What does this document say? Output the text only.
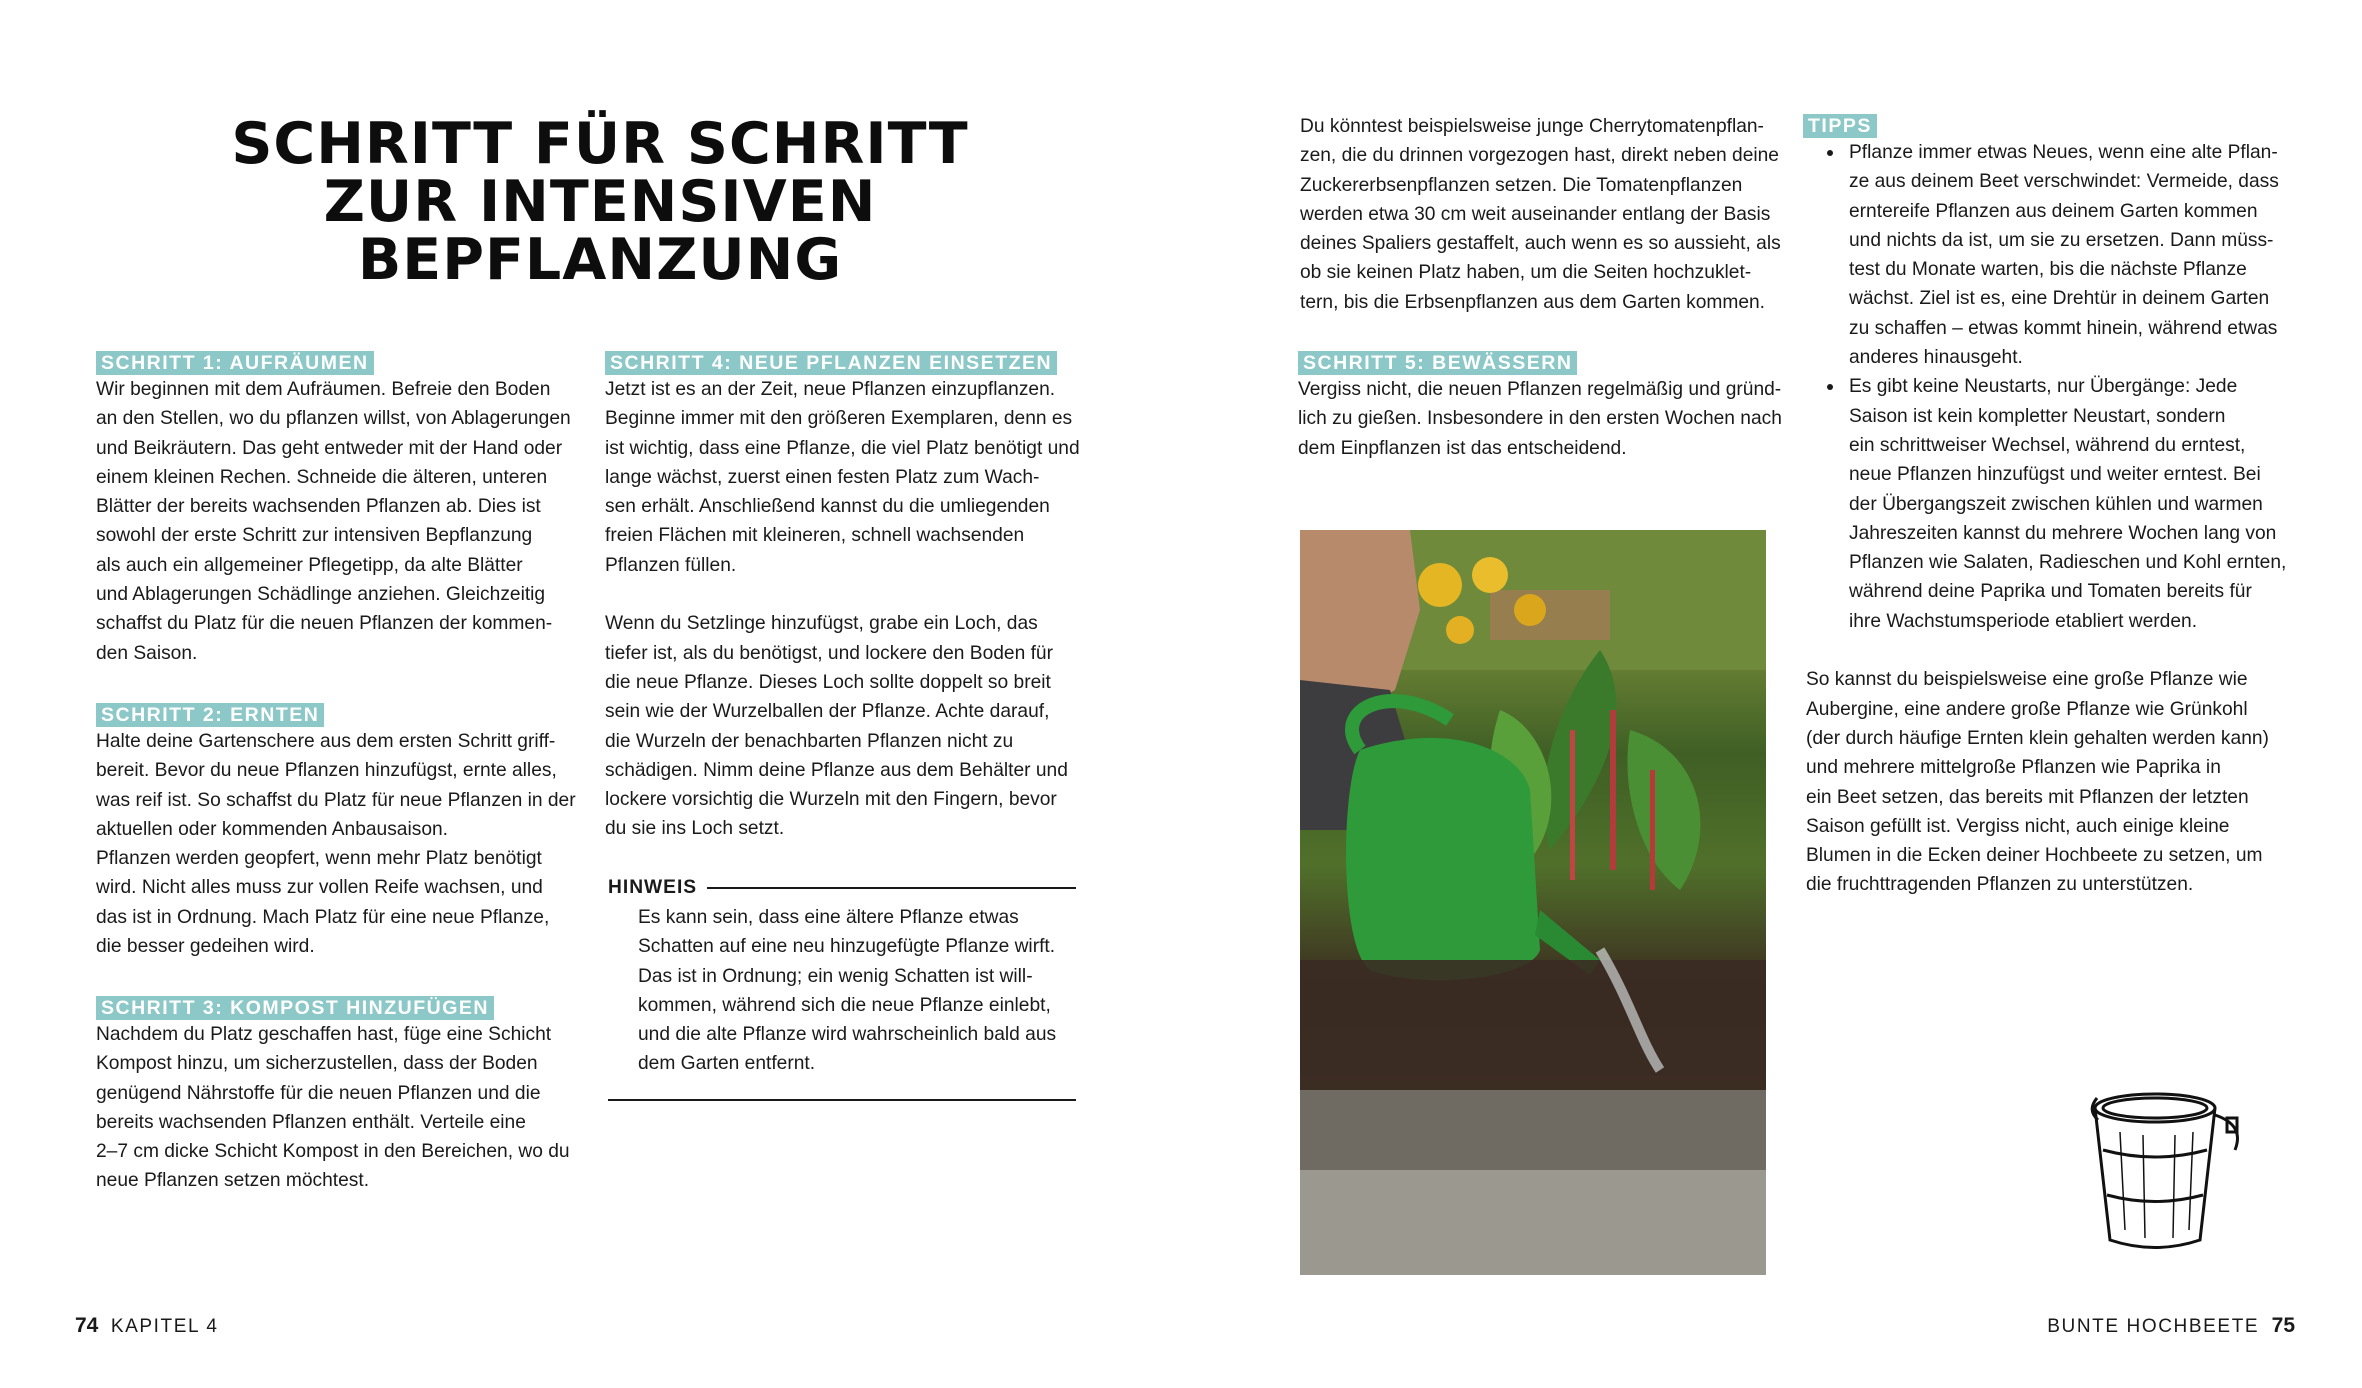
SCHRITT FÜR SCHRITT
ZUR INTENSIVEN
BEPFLANZUNG
SCHRITT 1: AUFRÄUMEN
Wir beginnen mit dem Aufräumen. Befreie den Boden
an den Stellen, wo du pflanzen willst, von Ablagerungen
und Beikräutern. Das geht entweder mit der Hand oder
einem kleinen Rechen. Schneide die älteren, unteren
Blätter der bereits wachsenden Pflanzen ab. Dies ist
sowohl der erste Schritt zur intensiven Bepflanzung
als auch ein allgemeiner Pflegetipp, da alte Blätter
und Ablagerungen Schädlinge anziehen. Gleichzeitig
schaffst du Platz für die neuen Pflanzen der kommen-
den Saison.
SCHRITT 2: ERNTEN
Halte deine Gartenschere aus dem ersten Schritt griff-
bereit. Bevor du neue Pflanzen hinzufügst, ernte alles,
was reif ist. So schaffst du Platz für neue Pflanzen in der
aktuellen oder kommenden Anbausaison.
Pflanzen werden geopfert, wenn mehr Platz benötigt
wird. Nicht alles muss zur vollen Reife wachsen, und
das ist in Ordnung. Mach Platz für eine neue Pflanze,
die besser gedeihen wird.
SCHRITT 3: KOMPOST HINZUFÜGEN
Nachdem du Platz geschaffen hast, füge eine Schicht
Kompost hinzu, um sicherzustellen, dass der Boden
genügend Nährstoffe für die neuen Pflanzen und die
bereits wachsenden Pflanzen enthält. Verteile eine
2–7 cm dicke Schicht Kompost in den Bereichen, wo du
neue Pflanzen setzen möchtest.
SCHRITT 4: NEUE PFLANZEN EINSETZEN
Jetzt ist es an der Zeit, neue Pflanzen einzupflanzen.
Beginne immer mit den größeren Exemplaren, denn es
ist wichtig, dass eine Pflanze, die viel Platz benötigt und
lange wächst, zuerst einen festen Platz zum Wach-
sen erhält. Anschließend kannst du die umliegenden
freien Flächen mit kleineren, schnell wachsenden
Pflanzen füllen.
Wenn du Setzlinge hinzufügst, grabe ein Loch, das
tiefer ist, als du benötigst, und lockere den Boden für
die neue Pflanze. Dieses Loch sollte doppelt so breit
sein wie der Wurzelballen der Pflanze. Achte darauf,
die Wurzeln der benachbarten Pflanzen nicht zu
schädigen. Nimm deine Pflanze aus dem Behälter und
lockere vorsichtig die Wurzeln mit den Fingern, bevor
du sie ins Loch setzt.
HINWEIS
Es kann sein, dass eine ältere Pflanze etwas
Schatten auf eine neu hinzugefügte Pflanze wirft.
Das ist in Ordnung; ein wenig Schatten ist will-
kommen, während sich die neue Pflanze einlebt,
und die alte Pflanze wird wahrscheinlich bald aus
dem Garten entfernt.
Du könntest beispielsweise junge Cherrytomatenpflan-
zen, die du drinnen vorgezogen hast, direkt neben deine
Zuckererbsenpflanzen setzen. Die Tomatenpflanzen
werden etwa 30 cm weit auseinander entlang der Basis
deines Spaliers gestaffelt, auch wenn es so aussieht, als
ob sie keinen Platz haben, um die Seiten hochzuklet-
tern, bis die Erbsenpflanzen aus dem Garten kommen.
SCHRITT 5: BEWÄSSERN
Vergiss nicht, die neuen Pflanzen regelmäßig und gründ-
lich zu gießen. Insbesondere in den ersten Wochen nach
dem Einpflanzen ist das entscheidend.
TIPPS
Pflanze immer etwas Neues, wenn eine alte Pflan-
ze aus deinem Beet verschwindet: Vermeide, dass
erntereife Pflanzen aus deinem Garten kommen
und nichts da ist, um sie zu ersetzen. Dann müss-
test du Monate warten, bis die nächste Pflanze
wächst. Ziel ist es, eine Drehtür in deinem Garten
zu schaffen – etwas kommt hinein, während etwas
anderes hinausgeht.
Es gibt keine Neustarts, nur Übergänge: Jede
Saison ist kein kompletter Neustart, sondern
ein schrittweiser Wechsel, während du erntest,
neue Pflanzen hinzufügst und weiter erntest. Bei
der Übergangszeit zwischen kühlen und warmen
Jahreszeiten kannst du mehrere Wochen lang von
Pflanzen wie Salaten, Radieschen und Kohl ernten,
während deine Paprika und Tomaten bereits für
ihre Wachstumsperiode etabliert werden.
So kannst du beispielsweise eine große Pflanze wie
Aubergine, eine andere große Pflanze wie Grünkohl
(der durch häufige Ernten klein gehalten werden kann)
und mehrere mittelgroße Pflanzen wie Paprika in
ein Beet setzen, das bereits mit Pflanzen der letzten
Saison gefüllt ist. Vergiss nicht, auch einige kleine
Blumen in die Ecken deiner Hochbeete zu setzen, um
die fruchttragenden Pflanzen zu unterstützen.
74 KAPITEL 4	BUNTE HOCHBEETE 75
